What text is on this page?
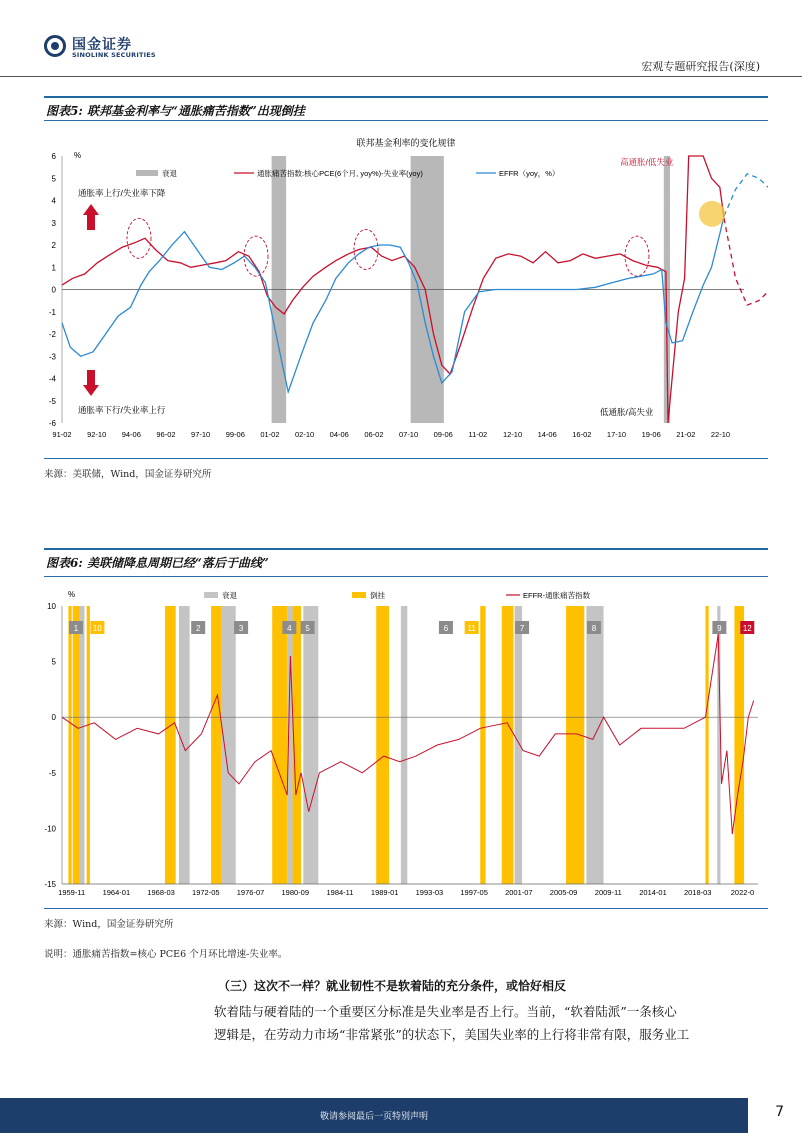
国金证券
SINOLINK SECURITIES
宏观专题研究报告(深度)
图表5: 联邦基金利率与“通胀痛苦指数”出现倒挂
联邦基金利率的变化规律
%
6
5
4
3
2
1
0
-1
-2
-3
-4
-5
-6
91-02 92-10 94-06 96-02 97-10 99-06 01-02 02-10 04-06 06-02 07-10 09-06 11-02 12-10 14-06 16-02 17-10 19-06 21-02 22-10
通胀率上行/失业率下降
通胀率下行/失业率上行
高通胀/低失业
低通胀/高失业
衰退	通胀痛苦指数:核心PCE(6个月, yoy%)-失业率(yoy)	EFFR（yoy，%）
来源：美联储，Wind，国金证券研究所
图表6: 美联储降息周期已经“落后于曲线”
%
10
5
0
-5
-10
-15
1959-11 1964-01 1968-03 1972-05 1976-07 1980-09 1984-11 1989-01 1993-03 1997-05 2001-07 2005-09 2009-11 2014-01 2018-03	2022-0
1 10	2	3	4 5	6 11	7	8	9	12
衰退	倒挂	EFFR-通胀痛苦指数
来源：Wind，国金证券研究所
说明：通胀痛苦指数=核心 PCE6 个月环比增速-失业率。
（三）这次不一样？就业韧性不是软着陆的充分条件，或恰好相反
软着陆与硬着陆的一个重要区分标准是失业率是否上行。当前，“软着陆派”一条核心
逻辑是，在劳动力市场“非常紧张”的状态下，美国失业率的上行将非常有限，服务业工
敬请参阅最后一页特别声明	7
